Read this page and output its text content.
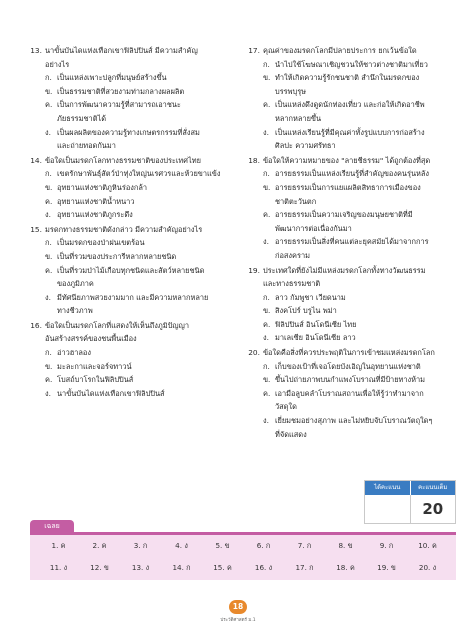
13. นาขั้นบันไดแห่งเทือกเขาฟิลิปปินส์ มีความสำคัญ
อย่างไร
ก. เป็นแหล่งเพาะปลูกที่มนุษย์สร้างขึ้น
ข. เป็นธรรมชาติที่สวยงามท่ามกลางผลผลิต
ค. เป็นการพัฒนาความรู้ที่สามารถเอาชนะ
ภัยธรรมชาติได้
ง. เป็นผลผลิตของความรู้ทางเกษตรกรรมที่สั่งสม
และถ่ายทอดกันมา
14. ข้อใดเป็นมรดกโลกทางธรรมชาติของประเทศไทย
ก. เขตรักษาพันธุ์สัตว์ป่าทุ่งใหญ่นเรศวรและห้วยขาแข้ง
ข. อุทยานแห่งชาติภูหินร่องกล้า
ค. อุทยานแห่งชาติน้ำหนาว
ง. อุทยานแห่งชาติภูกระดึง
15. มรดกทางธรรมชาติดังกล่าว มีความสำคัญอย่างไร
ก. เป็นมรดกของป่าฝนเขตร้อน
ข. เป็นที่รวมของประการีหลากหลายชนิด
ค. เป็นที่รวมป่าไม้เกือบทุกชนิดและสัตว์หลายชนิด
ของภูมิภาค
ง. มีทัศนียภาพสวยงามมาก และมีความหลากหลาย
ทางชีวภาพ
16. ข้อใดเป็นมรดกโลกที่แสดงให้เห็นถึงภูมิปัญญา
อันสร้างสรรค์ของชนพื้นเมือง
ก. อ่าวฮาลอง
ข. มะละกาและจอร์จทาวน์
ค. โบสถ์บาโรกในฟิลิปปินส์
ง. นาขั้นบันไดแห่งเทือกเขาฟิลิปปินส์
17. คุณค่าของมรดกโลกมีปลายประการ ยกเว้นข้อใด
ก. นำไปใช้โฆษณาเชิญชวนให้ชาวต่างชาติมาเที่ยว
ข. ทำให้เกิดความรู้รักชนชาติ สำนึกในมรดกของบรรพบุรุษ
ค. เป็นแหล่งดึงดูดนักท่องเที่ยว และก่อให้เกิดอาชีพ
หลากหลายขึ้น
ง. เป็นแหล่งเรียนรู้ที่มีคุณค่าทั้งรูปแบบการก่อสร้าง
ศิลปะ ความศรัทธา
18. ข้อใดให้ความหมายของ "ลายชีธรรม" ได้ถูกต้องที่สุด
ก. อารยธรรมเป็นแหล่งเรียนรู้ที่สำคัญของคนรุ่นหลัง
ข. อารยธรรมเป็นการแยแผลิตสิทธาการเมืองของ
ชาติตะวันตก
ค. อารยธรรมเป็นความเจริญของมนุษยชาติที่มี
พัฒนาการต่อเนื่องกันมา
ง. อารยธรรมเป็นสิ่งที่คนแต่ละยุคสมัยได้มาจากการ
ก่อสงคราม
19. ประเทศใดที่ยังไม่มีแหล่งมรดกโลกทั้งทางวัฒนธรรม
และทางธรรมชาติ
ก. ลาว กัมพูชา เวียดนาม
ข. สิงคโปร์ บรูไน พม่า
ค. ฟิลิปปินส์ อินโดนีเซีย ไทย
ง. มาเลเซีย อินโดนีเซีย ลาว
20. ข้อใดคือสิ่งที่ควรประพฤติในการเข้าชมแหล่งมรดกโลก
ก. เก็บของเป้าที่เจอโดยบังเอิญในอุทยานแห่งชาติ
ข. ขึ้นไปถ่ายภาพบนกำแพงโบราณที่มีป้ายทางห้าม
ค. เอามือลูบคลำโบราณสถานเพื่อให้รู้ว่าทำมาจาก
วัสดุใด
ง. เยี่ยมชมอย่างสุภาพ และไม่หยิบจับโบราณวัตถุใดๆ
ที่จัดแสดง
ได้คะแนน	คะแนนเต็ม
20
เฉลย
1. ค	2. ค	3. ก	4. ง	5. ข	6. ก	7. ก	8. ข	9. ก	10. ค
11. ง	12. ข	13. ง	14. ก	15. ค	16. ง	17. ก	18. ค	19. ข	20. ง
18
ประวัติศาสตร์ ม.1
